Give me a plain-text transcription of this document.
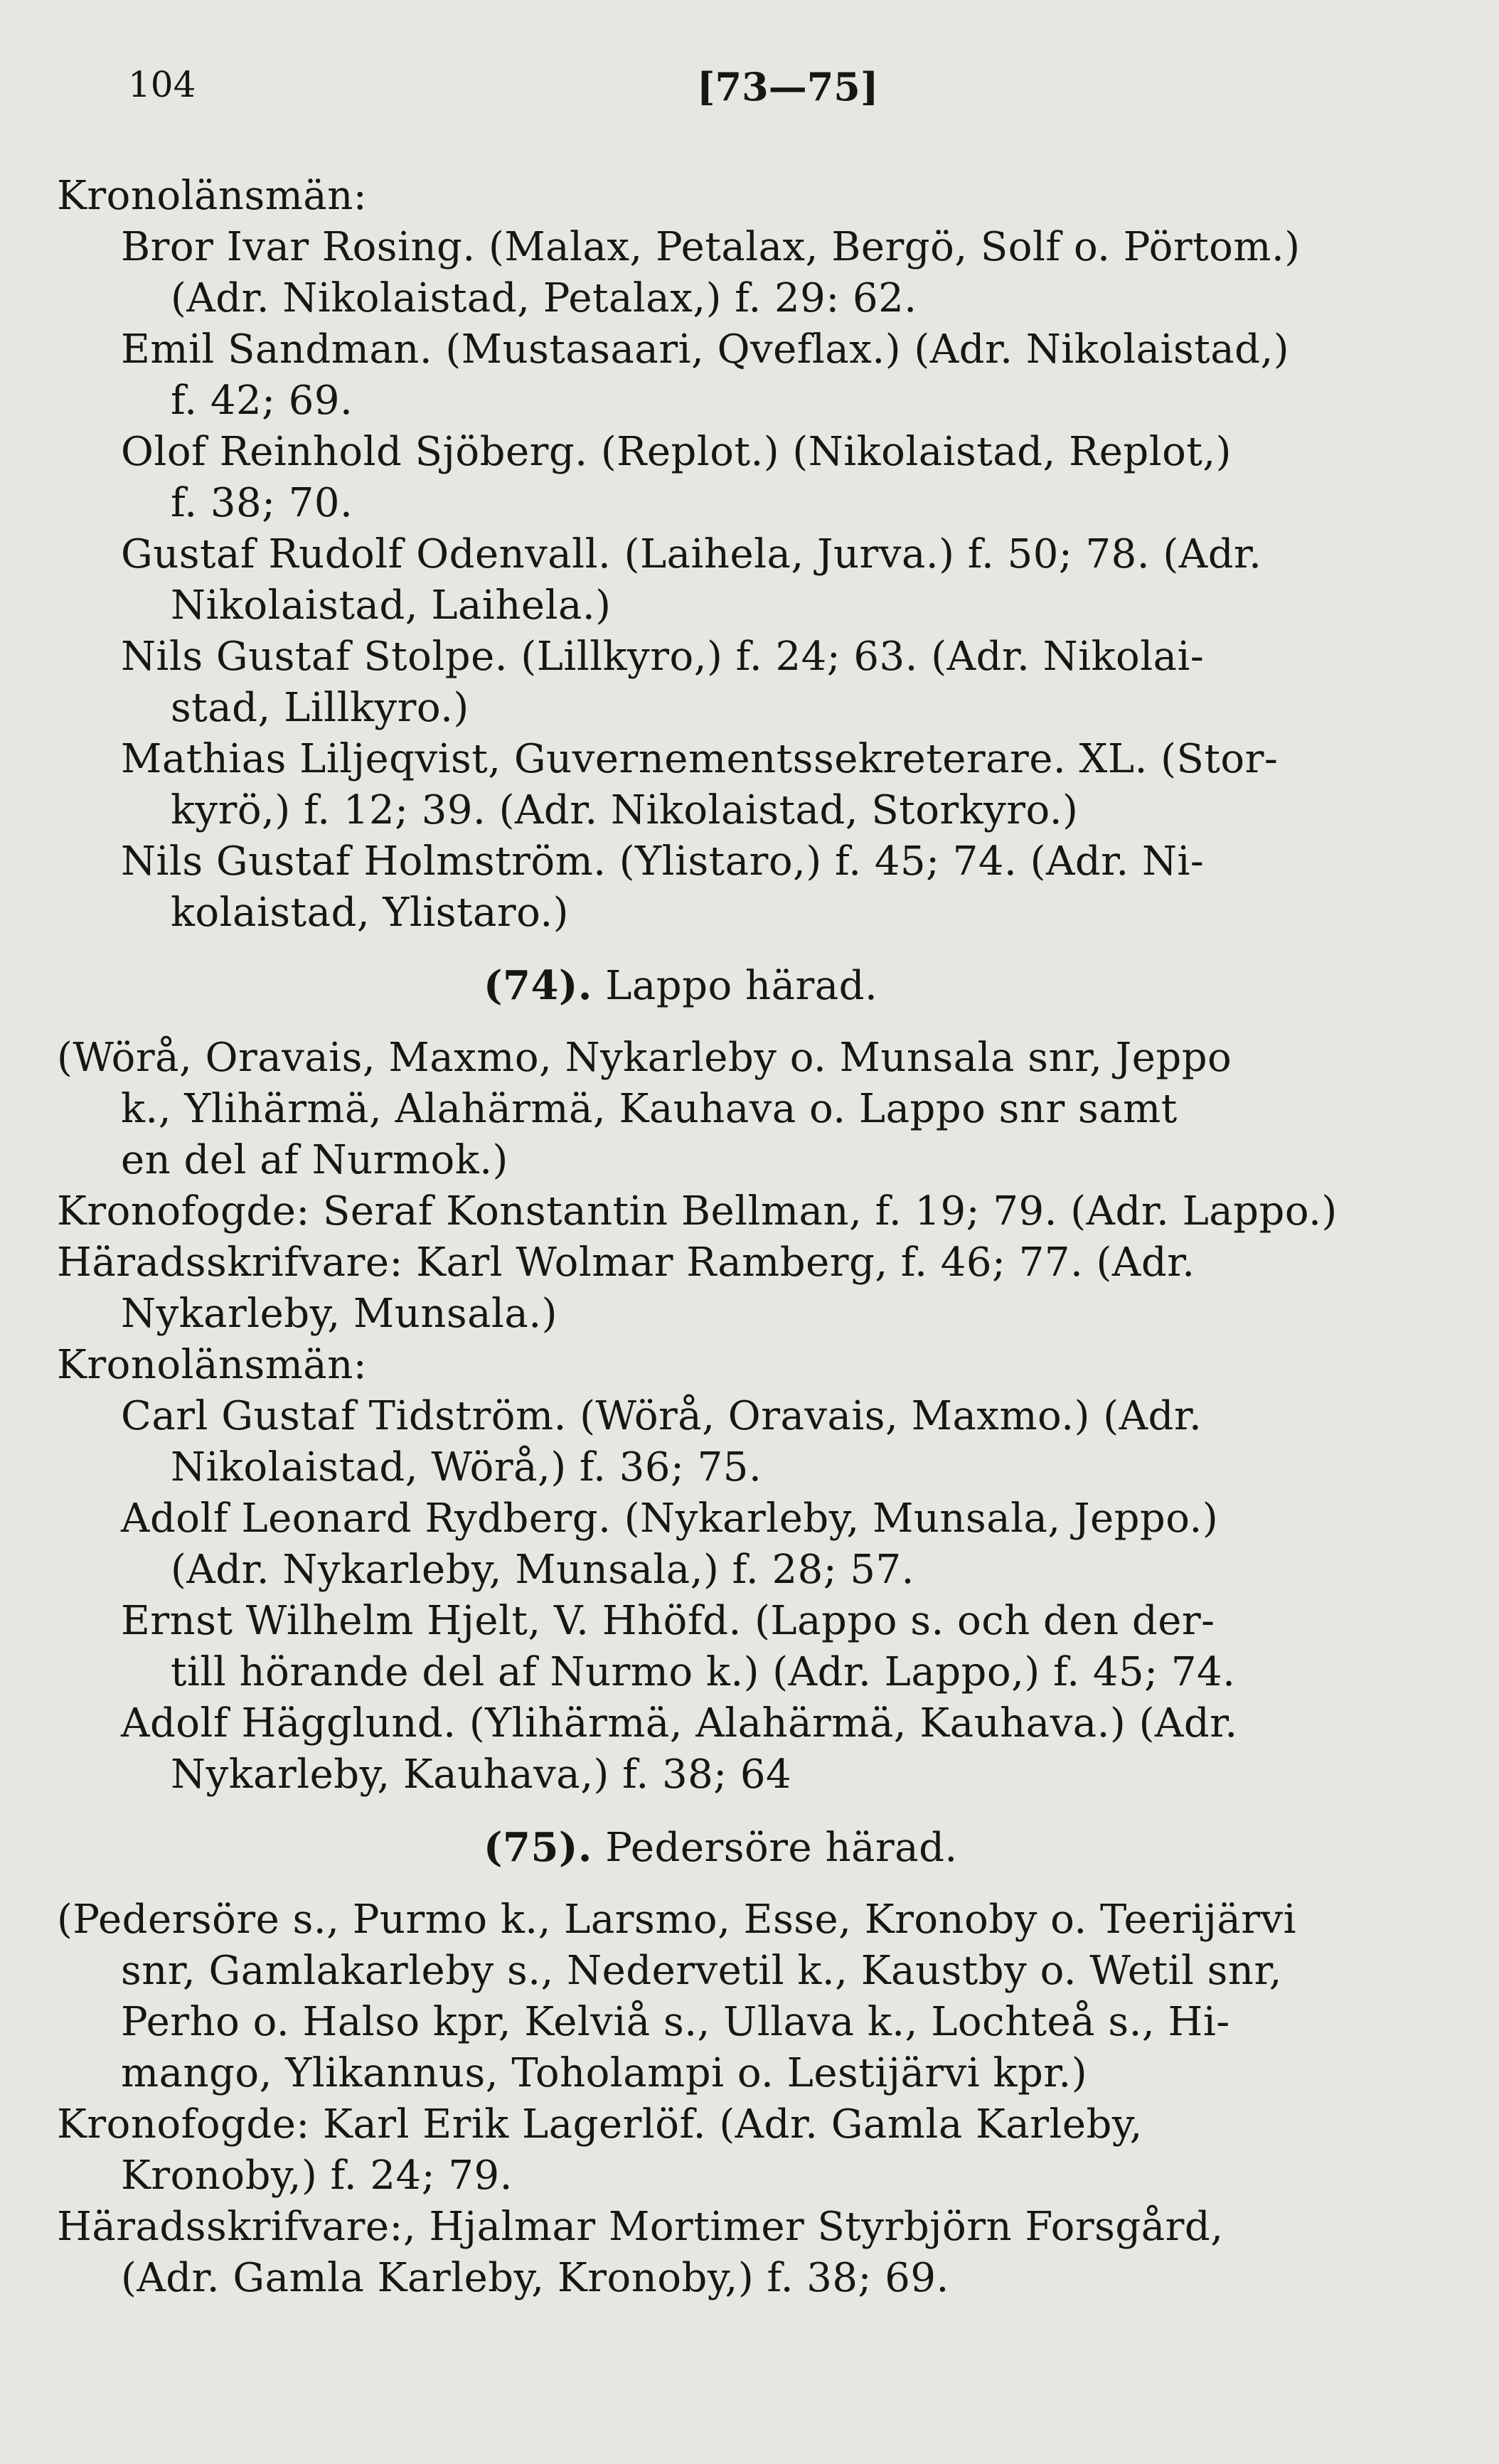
104	[73—75]
Kronolänsmän:
Bror Ivar Rosing. (Malax, Petalax, Bergö, Solf o. Pörtom.)
(Adr. Nikolaistad, Petalax,) f. 29: 62.
Emil Sandman. (Mustasaari, Qveflax.) (Adr. Nikolaistad,)
f. 42; 69.
Olof Reinhold Sjöberg. (Replot.) (Nikolaistad, Replot,)
f. 38; 70.
Gustaf Rudolf Odenvall. (Laihela, Jurva.) f. 50; 78. (Adr.
Nikolaistad, Laihela.)
Nils Gustaf Stolpe. (Lillkyro,) f. 24; 63. (Adr. Nikolai-
stad, Lillkyro.)
Mathias Liljeqvist, Guvernementssekreterare. XL. (Stor-
kyrö,) f. 12; 39. (Adr. Nikolaistad, Storkyro.)
Nils Gustaf Holmström. (Ylistaro,) f. 45; 74. (Adr. Ni-
kolaistad, Ylistaro.)
(74). Lappo härad.
(Wörå, Oravais, Maxmo, Nykarleby o. Munsala snr, Jeppo
k., Ylihärmä, Alahärmä, Kauhava o. Lappo snr samt
en del af Nurmok.)
Kronofogde: Seraf Konstantin Bellman, f. 19; 79. (Adr. Lappo.)
Häradsskrifvare: Karl Wolmar Ramberg, f. 46; 77. (Adr.
Nykarleby, Munsala.)
Kronolänsmän:
Carl Gustaf Tidström. (Wörå, Oravais, Maxmo.) (Adr.
Nikolaistad, Wörå,) f. 36; 75.
Adolf Leonard Rydberg. (Nykarleby, Munsala, Jeppo.)
(Adr. Nykarleby, Munsala,) f. 28; 57.
Ernst Wilhelm Hjelt, V. Hhöfd. (Lappo s. och den der-
till hörande del af Nurmo k.) (Adr. Lappo,) f. 45; 74.
Adolf Hägglund. (Ylihärmä, Alahärmä, Kauhava.) (Adr.
Nykarleby, Kauhava,) f. 38; 64
(75). Pedersöre härad.
(Pedersöre s., Purmo k., Larsmo, Esse, Kronoby o. Teerijärvi
snr, Gamlakarleby s., Nedervetil k., Kaustby o. Wetil snr,
Perho o. Halso kpr, Kelviå s., Ullava k., Lochteå s., Hi-
mango, Ylikannus, Toholampi o. Lestijärvi kpr.)
Kronofogde: Karl Erik Lagerlöf. (Adr. Gamla Karleby,
Kronoby,) f. 24; 79.
Häradsskrifvare:, Hjalmar Mortimer Styrbjörn Forsgård,
(Adr. Gamla Karleby, Kronoby,) f. 38; 69.
